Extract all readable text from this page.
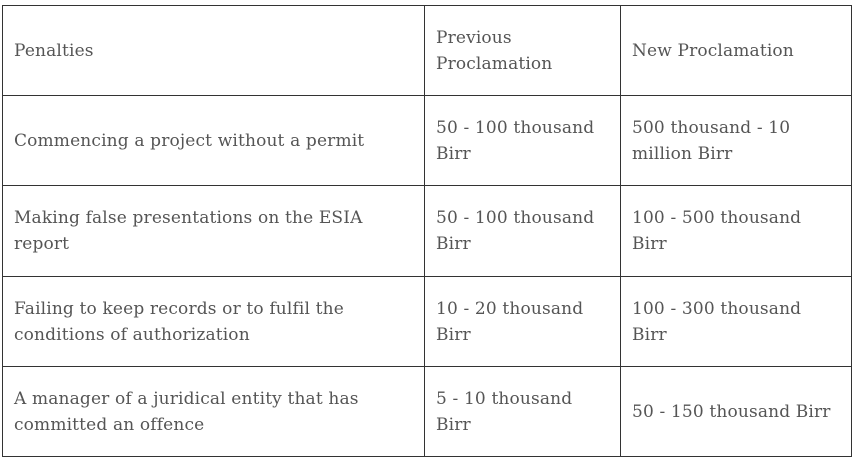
Penalties	Previous Proclamation	New Proclamation
Commencing a project without a permit	50 - 100 thousand Birr	500 thousand - 10 million Birr
Making false presentations on the ESIA report	50 - 100 thousand Birr	100 - 500 thousand Birr
Failing to keep records or to fulfil the conditions of authorization	10 - 20 thousand Birr	100 - 300 thousand Birr
A manager of a juridical entity that has committed an offence	5 - 10 thousand Birr	50 - 150 thousand Birr
